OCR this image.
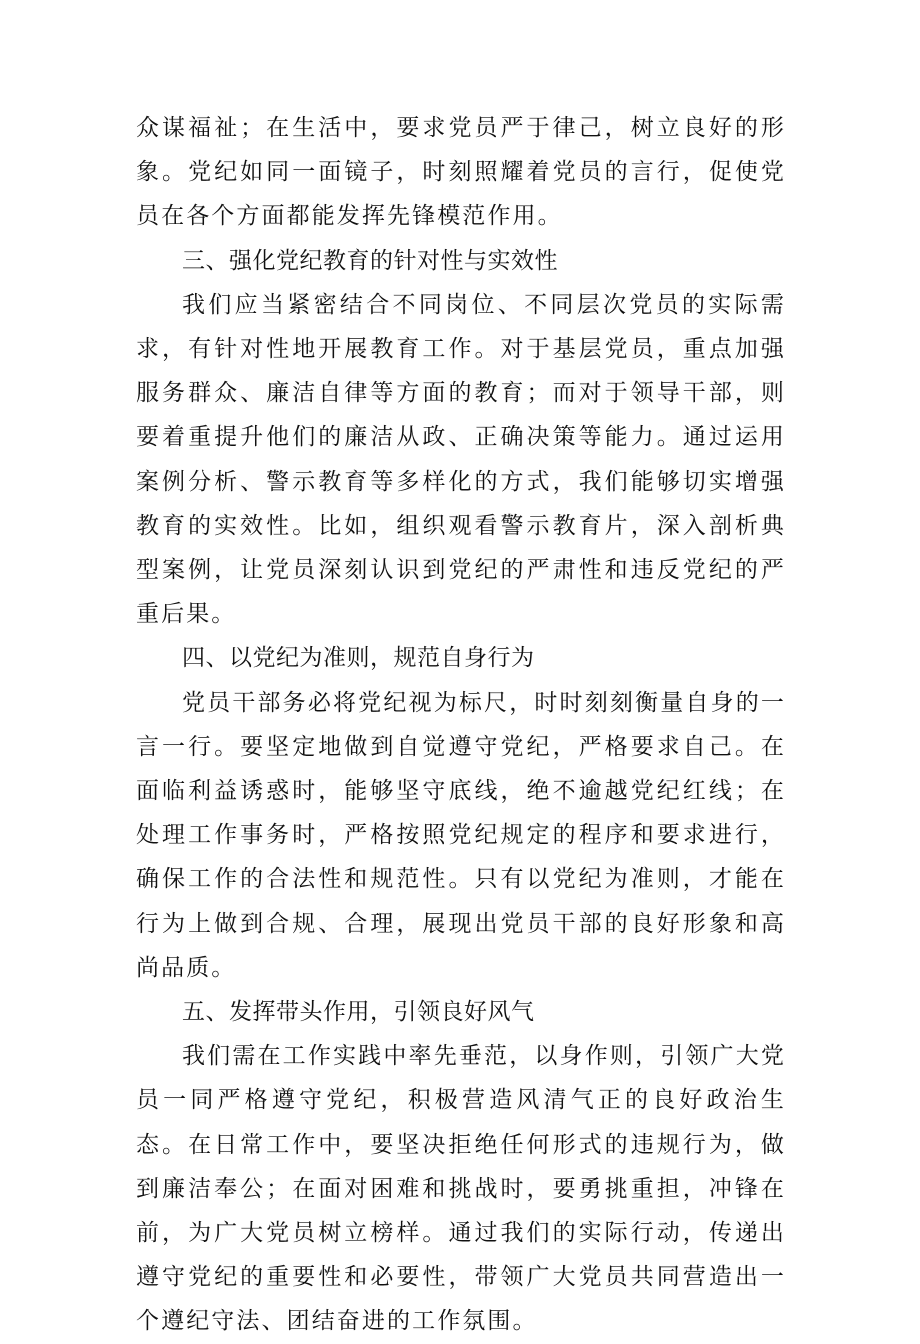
众谋福祉；在生活中，要求党员严于律己，树立良好的形象。党纪如同一面镜子，时刻照耀着党员的言行，促使党员在各个方面都能发挥先锋模范作用。

三、强化党纪教育的针对性与实效性

我们应当紧密结合不同岗位、不同层次党员的实际需求，有针对性地开展教育工作。对于基层党员，重点加强服务群众、廉洁自律等方面的教育；而对于领导干部，则要着重提升他们的廉洁从政、正确决策等能力。通过运用案例分析、警示教育等多样化的方式，我们能够切实增强教育的实效性。比如，组织观看警示教育片，深入剖析典型案例，让党员深刻认识到党纪的严肃性和违反党纪的严重后果。

四、以党纪为准则，规范自身行为

党员干部务必将党纪视为标尺，时时刻刻衡量自身的一言一行。要坚定地做到自觉遵守党纪，严格要求自己。在面临利益诱惑时，能够坚守底线，绝不逾越党纪红线；在处理工作事务时，严格按照党纪规定的程序和要求进行，确保工作的合法性和规范性。只有以党纪为准则，才能在行为上做到合规、合理，展现出党员干部的良好形象和高尚品质。

五、发挥带头作用，引领良好风气

我们需在工作实践中率先垂范，以身作则，引领广大党员一同严格遵守党纪，积极营造风清气正的良好政治生态。在日常工作中，要坚决拒绝任何形式的违规行为，做到廉洁奉公；在面对困难和挑战时，要勇挑重担，冲锋在前，为广大党员树立榜样。通过我们的实际行动，传递出遵守党纪的重要性和必要性，带领广大党员共同营造出一个遵纪守法、团结奋进的工作氛围。
